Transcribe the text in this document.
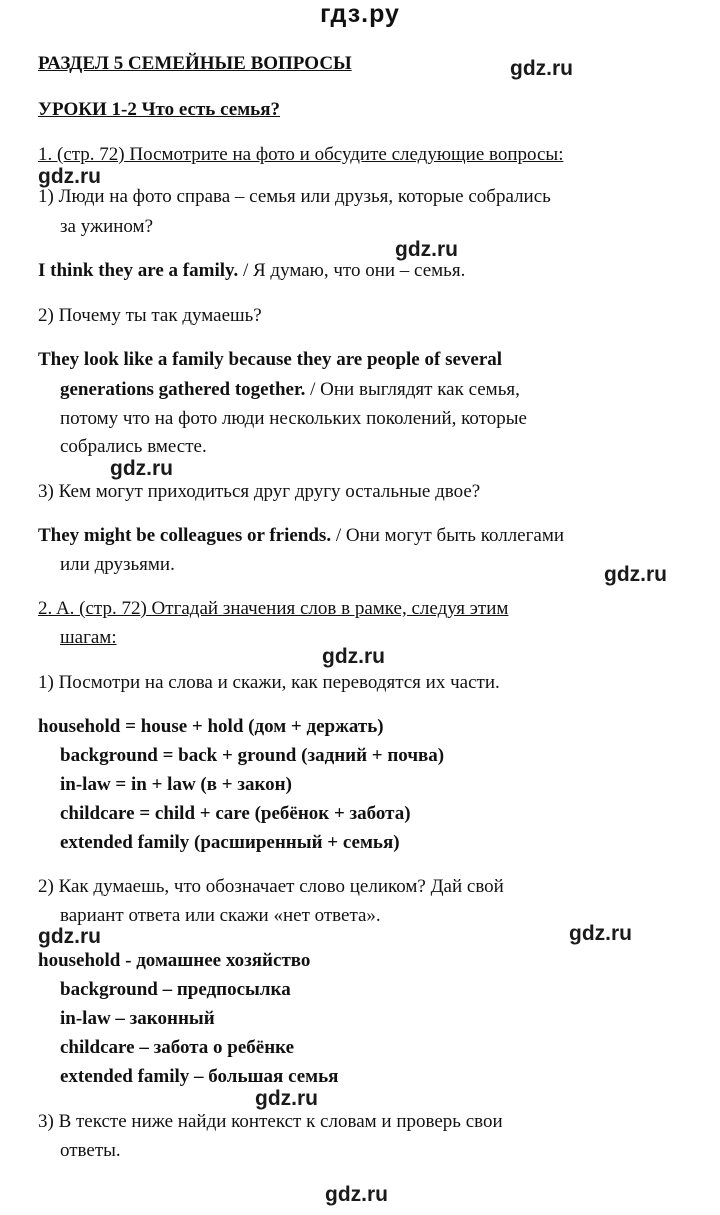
гдз.ру
gdz.ru
gdz.ru
gdz.ru
gdz.ru
gdz.ru
gdz.ru
gdz.ru	gdz.ru
gdz.ru
gdz.ru
РАЗДЕЛ 5 СЕМЕЙНЫЕ ВОПРОСЫ
УРОКИ 1-2 Что есть семья?
1. (стр. 72) Посмотрите на фото и обсудите следующие вопросы:
1) Люди на фото справа – семья или друзья, которые собрались
за ужином?
I think they are a family. / Я думаю, что они – семья.
2) Почему ты так думаешь?
They look like a family because they are people of several
generations gathered together. / Они выглядят как семья,
потому что на фото люди нескольких поколений, которые
собрались вместе.
3) Кем могут приходиться друг другу остальные двое?
They might be colleagues or friends. / Они могут быть коллегами
или друзьями.
2. A. (стр. 72) Отгадай значения слов в рамке, следуя этим
шагам:
1) Посмотри на слова и скажи, как переводятся их части.
household = house + hold (дом + держать)
background = back + ground (задний + почва)
in-law = in + law (в + закон)
childcare = child + care (ребёнок + забота)
extended family (расширенный + семья)
2) Как думаешь, что обозначает слово целиком? Дай свой
вариант ответа или скажи «нет ответа».
household - домашнее хозяйство
background – предпосылка
in-law – законный
childcare – забота о ребёнке
extended family – большая семья
3) В тексте ниже найди контекст к словам и проверь свои
ответы.
